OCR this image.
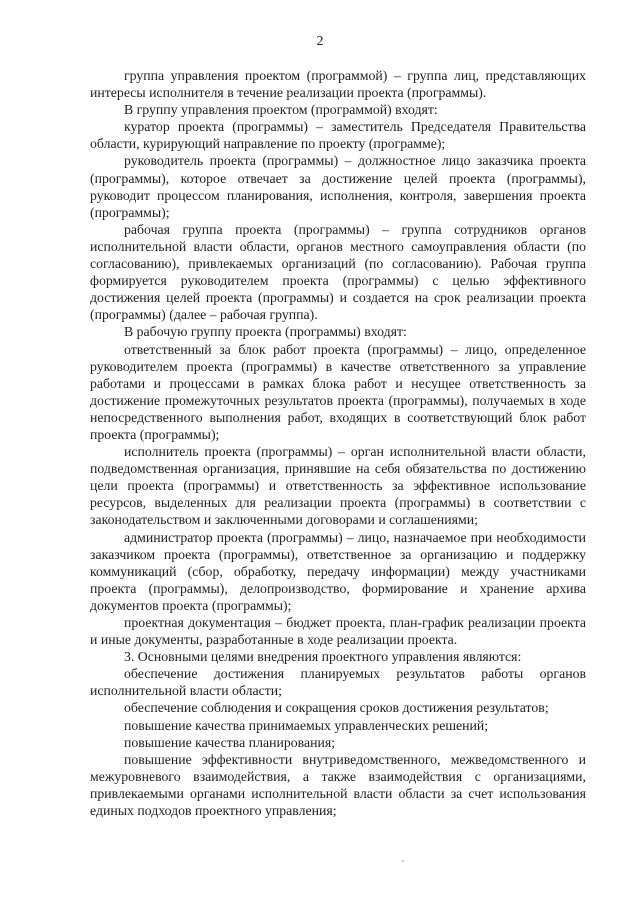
2

группа управления проектом (программой) – группа лиц, представляющих интересы исполнителя в течение реализации проекта (программы).

В группу управления проектом (программой) входят:

куратор проекта (программы) – заместитель Председателя Правительства области, курирующий направление по проекту (программе);

руководитель проекта (программы) – должностное лицо заказчика проекта (программы), которое отвечает за достижение целей проекта (программы), руководит процессом планирования, исполнения, контроля, завершения проекта (программы);

рабочая группа проекта (программы) – группа сотрудников органов исполнительной власти области, органов местного самоуправления области (по согласованию), привлекаемых организаций (по согласованию). Рабочая группа формируется руководителем проекта (программы) с целью эффективного достижения целей проекта (программы) и создается на срок реализации проекта (программы) (далее – рабочая группа).

В рабочую группу проекта (программы) входят:

ответственный за блок работ проекта (программы) – лицо, определенное руководителем проекта (программы) в качестве ответственного за управление работами и процессами в рамках блока работ и несущее ответственность за достижение промежуточных результатов проекта (программы), получаемых в ходе непосредственного выполнения работ, входящих в соответствующий блок работ проекта (программы);

исполнитель проекта (программы) – орган исполнительной власти области, подведомственная организация, принявшие на себя обязательства по достижению цели проекта (программы) и ответственность за эффективное использование ресурсов, выделенных для реализации проекта (программы) в соответствии с законодательством и заключенными договорами и соглашениями;

администратор проекта (программы) – лицо, назначаемое при необходимости заказчиком проекта (программы), ответственное за организацию и поддержку коммуникаций (сбор, обработку, передачу информации) между участниками проекта (программы), делопроизводство, формирование и хранение архива документов проекта (программы);

проектная документация – бюджет проекта, план-график реализации проекта и иные документы, разработанные в ходе реализации проекта.

3. Основными целями внедрения проектного управления являются:

обеспечение достижения планируемых результатов работы органов исполнительной власти области;

обеспечение соблюдения и сокращения сроков достижения результатов;

повышение качества принимаемых управленческих решений;

повышение качества планирования;

повышение эффективности внутриведомственного, межведомственного и межуровневого взаимодействия, а также взаимодействия с организациями, привлекаемыми органами исполнительной власти области за счет использования единых подходов проектного управления;
